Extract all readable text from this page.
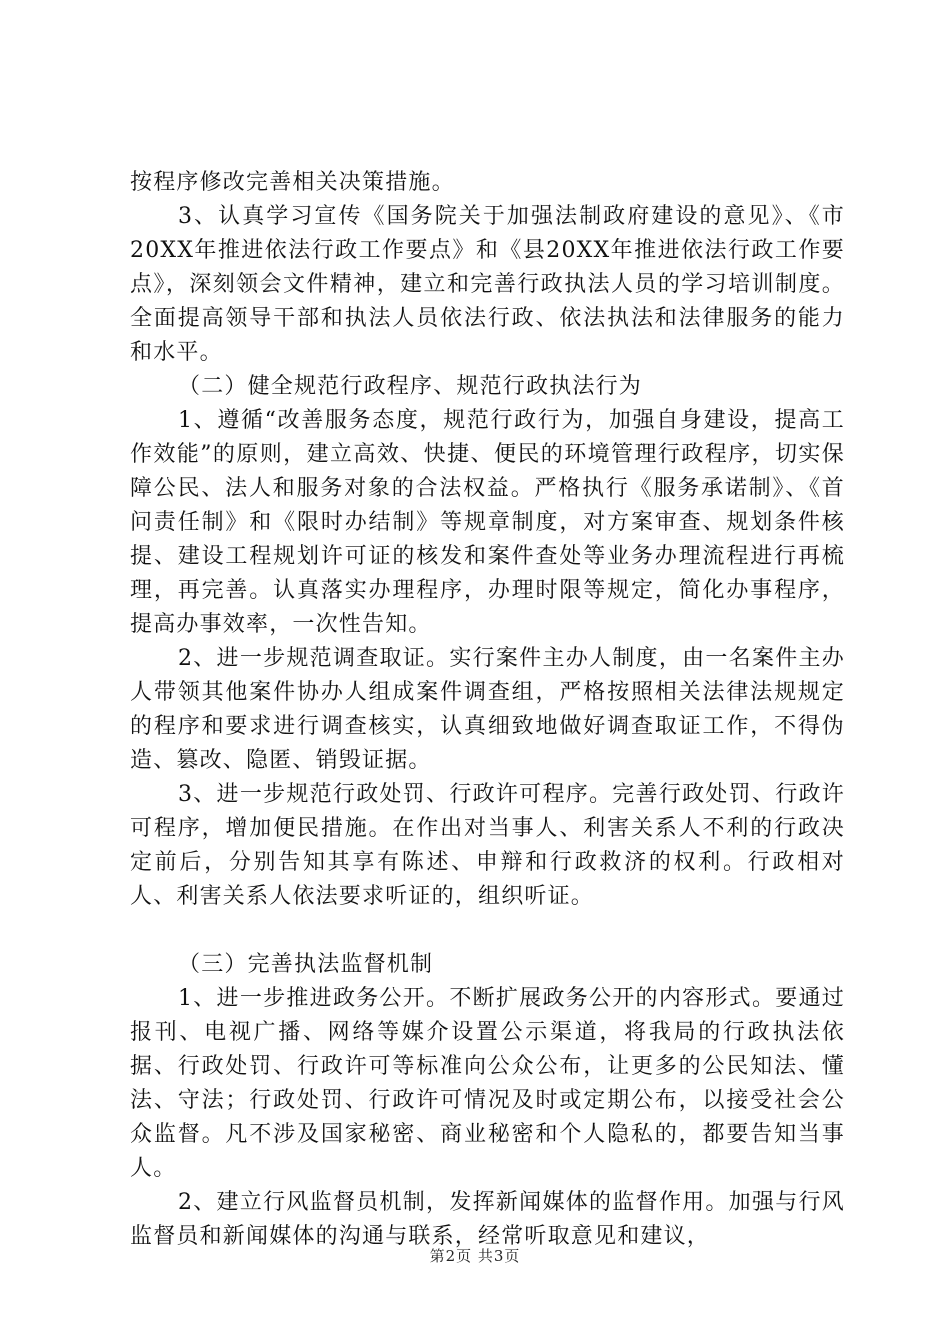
按程序修改完善相关决策措施。

3、认真学习宣传《国务院关于加强法制政府建设的意见》、《市20XX年推进依法行政工作要点》和《县20XX年推进依法行政工作要点》，深刻领会文件精神，建立和完善行政执法人员的学习培训制度。全面提高领导干部和执法人员依法行政、依法执法和法律服务的能力和水平。

（二）健全规范行政程序、规范行政执法行为

1、遵循“改善服务态度，规范行政行为，加强自身建设，提高工作效能”的原则，建立高效、快捷、便民的环境管理行政程序，切实保障公民、法人和服务对象的合法权益。严格执行《服务承诺制》、《首问责任制》和《限时办结制》等规章制度，对方案审查、规划条件核提、建设工程规划许可证的核发和案件查处等业务办理流程进行再梳理，再完善。认真落实办理程序，办理时限等规定，简化办事程序，提高办事效率，一次性告知。

2、进一步规范调查取证。实行案件主办人制度，由一名案件主办人带领其他案件协办人组成案件调查组，严格按照相关法律法规规定的程序和要求进行调查核实，认真细致地做好调查取证工作，不得伪造、篡改、隐匿、销毁证据。

3、进一步规范行政处罚、行政许可程序。完善行政处罚、行政许可程序，增加便民措施。在作出对当事人、利害关系人不利的行政决定前后，分别告知其享有陈述、申辩和行政救济的权利。行政相对人、利害关系人依法要求听证的，组织听证。

（三）完善执法监督机制

1、进一步推进政务公开。不断扩展政务公开的内容形式。要通过报刊、电视广播、网络等媒介设置公示渠道，将我局的行政执法依据、行政处罚、行政许可等标准向公众公布，让更多的公民知法、懂法、守法；行政处罚、行政许可情况及时或定期公布，以接受社会公众监督。凡不涉及国家秘密、商业秘密和个人隐私的，都要告知当事人。

2、建立行风监督员机制，发挥新闻媒体的监督作用。加强与行风监督员和新闻媒体的沟通与联系，经常听取意见和建议，

第2页 共3页
